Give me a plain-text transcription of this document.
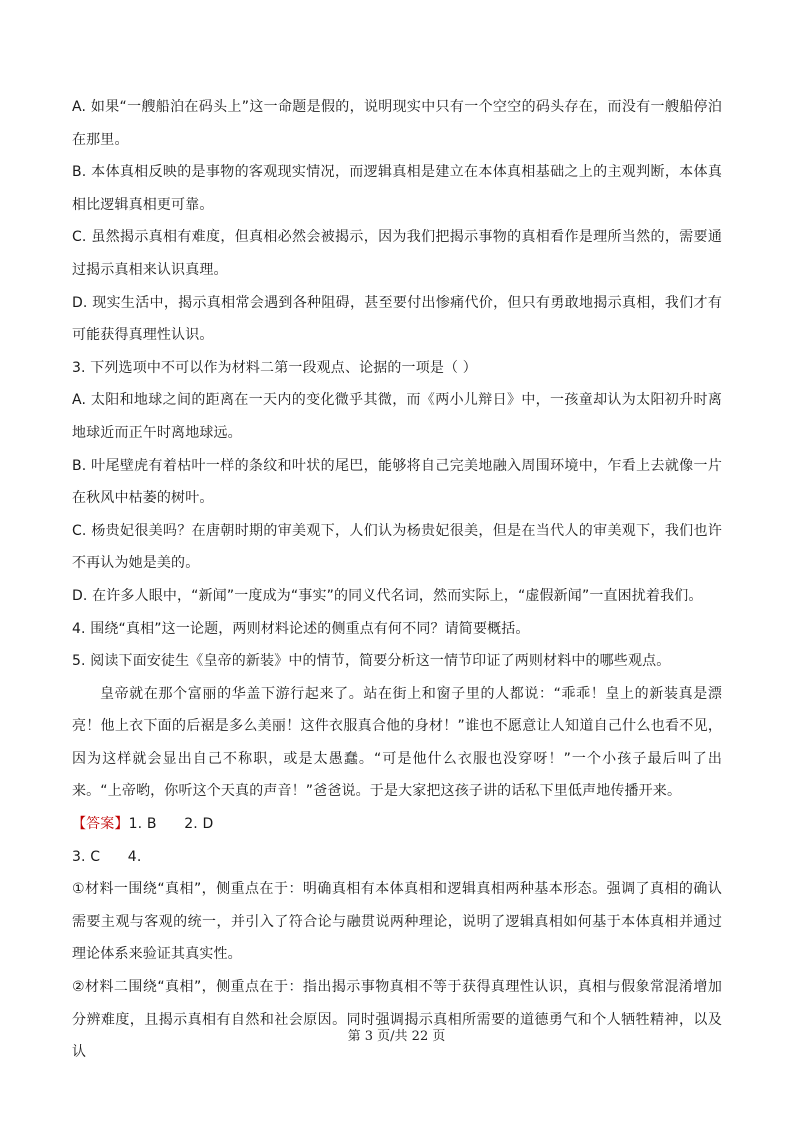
A. 如果“一艘船泊在码头上”这一命题是假的，说明现实中只有一个空空的码头存在，而没有一艘船停泊在那里。

B. 本体真相反映的是事物的客观现实情况，而逻辑真相是建立在本体真相基础之上的主观判断，本体真相比逻辑真相更可靠。

C. 虽然揭示真相有难度，但真相必然会被揭示，因为我们把揭示事物的真相看作是理所当然的，需要通过揭示真相来认识真理。

D. 现实生活中，揭示真相常会遇到各种阻碍，甚至要付出惨痛代价，但只有勇敢地揭示真相，我们才有可能获得真理性认识。

3. 下列选项中不可以作为材料二第一段观点、论据的一项是（ ）

A. 太阳和地球之间的距离在一天内的变化微乎其微，而《两小儿辩日》中，一孩童却认为太阳初升时离地球近而正午时离地球远。

B. 叶尾壁虎有着枯叶一样的条纹和叶状的尾巴，能够将自己完美地融入周围环境中，乍看上去就像一片在秋风中枯萎的树叶。

C. 杨贵妃很美吗？在唐朝时期的审美观下，人们认为杨贵妃很美，但是在当代人的审美观下，我们也许不再认为她是美的。

D. 在许多人眼中，“新闻”一度成为“事实”的同义代名词，然而实际上，“虚假新闻”一直困扰着我们。

4. 围绕“真相”这一论题，两则材料论述的侧重点有何不同？请简要概括。

5. 阅读下面安徒生《皇帝的新装》中的情节，简要分析这一情节印证了两则材料中的哪些观点。

皇帝就在那个富丽的华盖下游行起来了。站在街上和窗子里的人都说：“乖乖！皇上的新装真是漂亮！他上衣下面的后裾是多么美丽！这件衣服真合他的身材！”谁也不愿意让人知道自己什么也看不见，因为这样就会显出自己不称职，或是太愚蠢。“可是他什么衣服也没穿呀！”一个小孩子最后叫了出来。“上帝哟，你听这个天真的声音！”爸爸说。于是大家把这孩子讲的话私下里低声地传播开来。

【答案】1. B      2. D

3. C      4.

①材料一围绕“真相”，侧重点在于：明确真相有本体真相和逻辑真相两种基本形态。强调了真相的确认需要主观与客观的统一，并引入了符合论与融贯说两种理论，说明了逻辑真相如何基于本体真相并通过理论体系来验证其真实性。

②材料二围绕“真相”，侧重点在于：指出揭示事物真相不等于获得真理性认识，真相与假象常混淆增加分辨难度，且揭示真相有自然和社会原因。同时强调揭示真相所需要的道德勇气和个人牺牲精神，以及认

第 3 页/共 22 页
